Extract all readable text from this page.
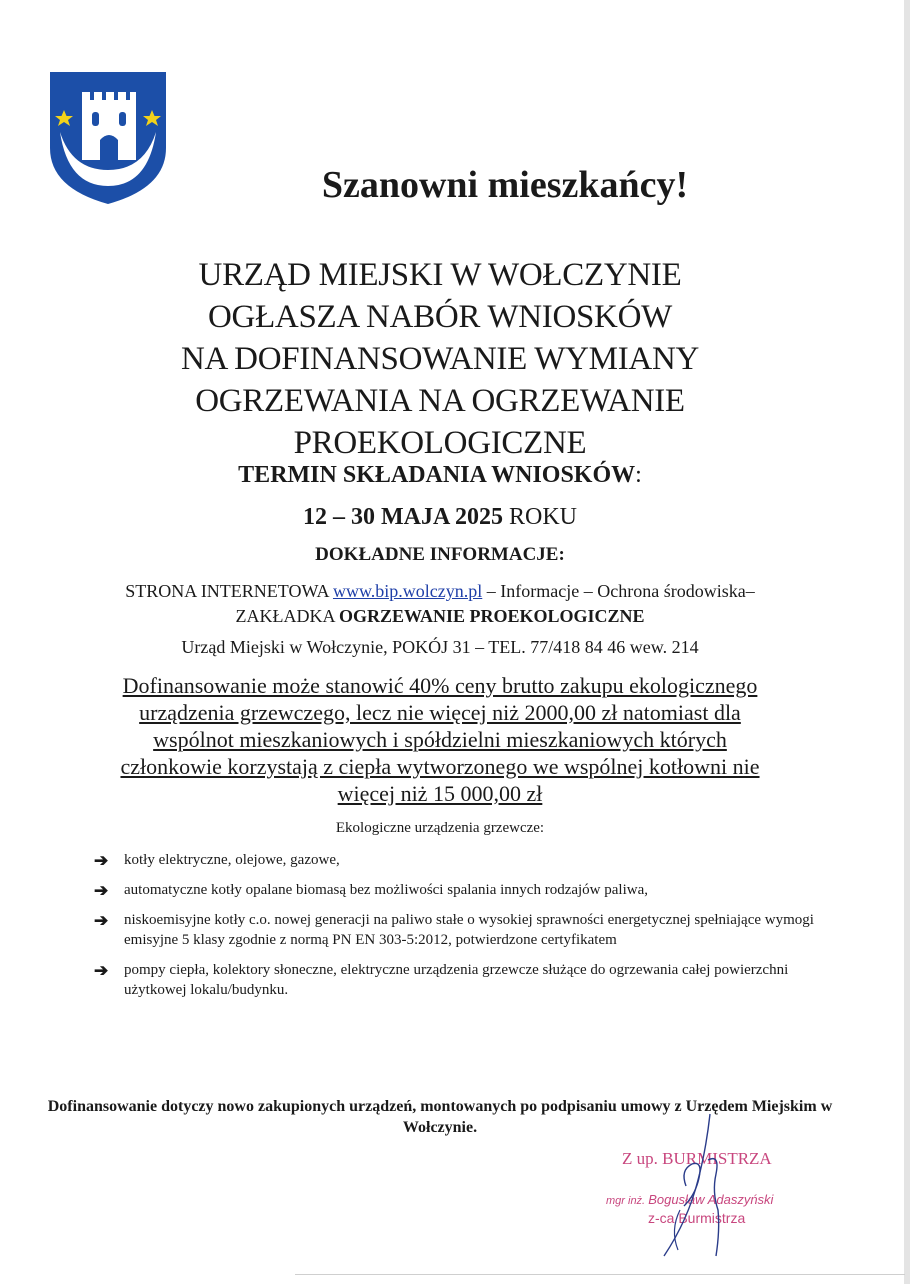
Szanowni mieszkańcy!
URZĄD MIEJSKI W WOŁCZYNIE
OGŁASZA NABÓR WNIOSKÓW
NA DOFINANSOWANIE WYMIANY
OGRZEWANIA NA OGRZEWANIE
PROEKOLOGICZNE
TERMIN SKŁADANIA WNIOSKÓW:
12 – 30 MAJA 2025 ROKU
DOKŁADNE INFORMACJE:
STRONA INTERNETOWA www.bip.wolczyn.pl – Informacje – Ochrona środowiska–
ZAKŁADKA OGRZEWANIE PROEKOLOGICZNE
Urząd Miejski w Wołczynie, POKÓJ 31 – TEL. 77/418 84 46 wew. 214
Dofinansowanie może stanowić 40% ceny brutto zakupu ekologicznego
urządzenia grzewczego, lecz nie więcej niż 2000,00 zł natomiast dla
wspólnot mieszkaniowych i spółdzielni mieszkaniowych których
członkowie korzystają z ciepła wytworzonego we wspólnej kotłowni nie
więcej niż 15 000,00 zł
Ekologiczne urządzenia grzewcze:
➔ kotły elektryczne, olejowe, gazowe,
➔ automatyczne kotły opalane biomasą bez możliwości spalania innych rodzajów paliwa,
➔ niskoemisyjne kotły c.o. nowej generacji na paliwo stałe o wysokiej sprawności energetycznej spełniające wymogi emisyjne 5 klasy zgodnie z normą PN EN 303-5:2012, potwierdzone certyfikatem
➔ pompy ciepła, kolektory słoneczne, elektryczne urządzenia grzewcze służące do ogrzewania całej powierzchni użytkowej lokalu/budynku.
Dofinansowanie dotyczy nowo zakupionych urządzeń, montowanych po podpisaniu umowy z Urzędem Miejskim w Wołczynie.
Z up. BURMISTRZA
mgr inż. Bogusław Adaszyński
z-ca Burmistrza
